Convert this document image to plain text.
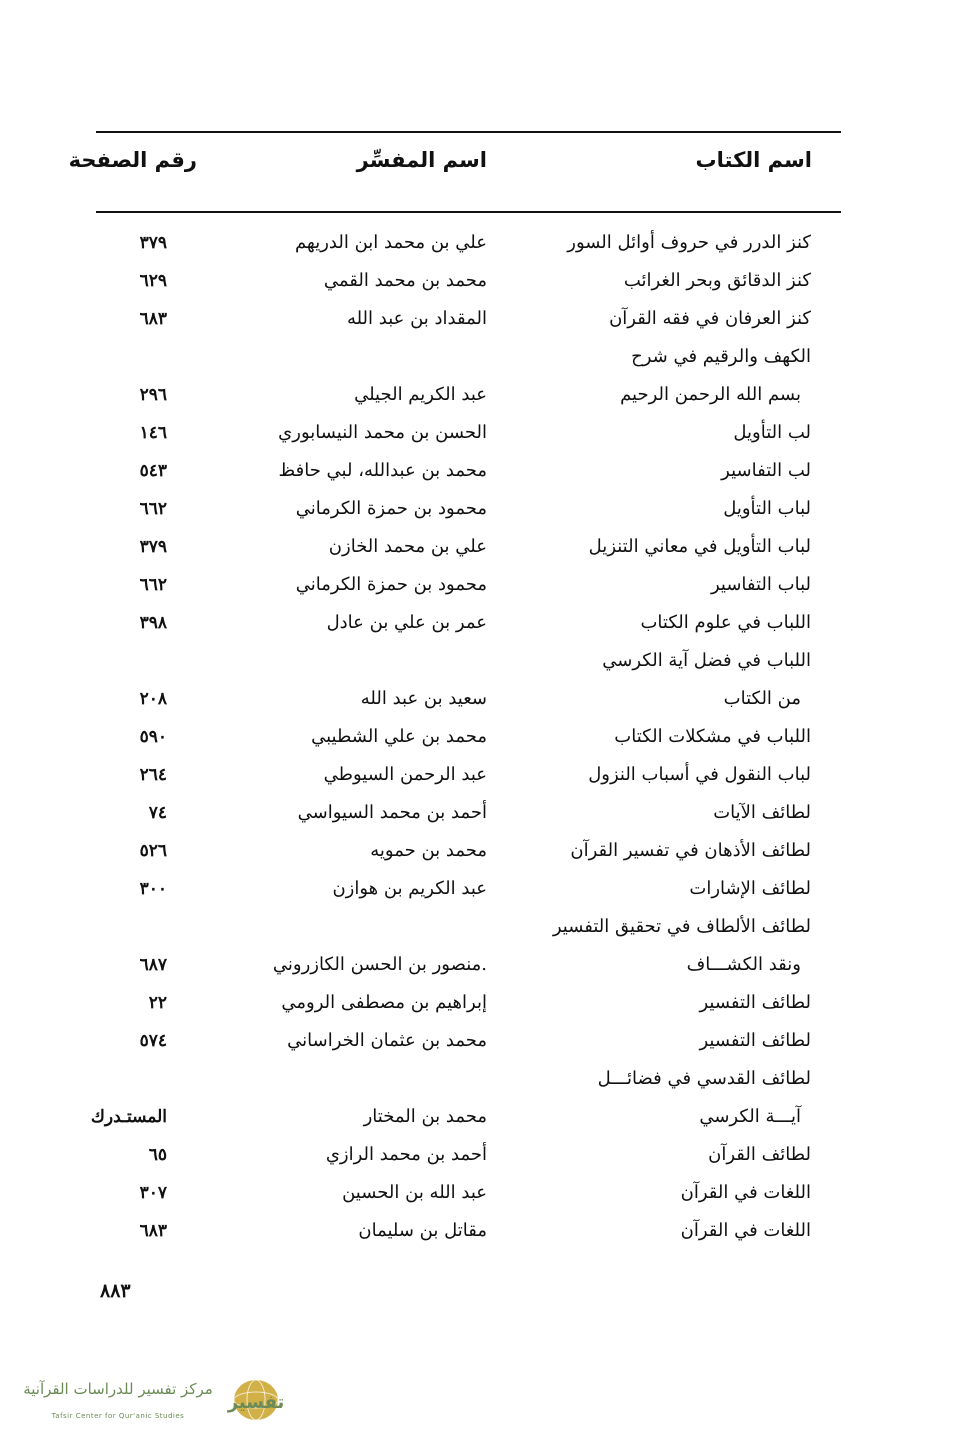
اسم الكتاب
اسم المفسِّر
رقم الصفحة
كنز الدرر في حروف أوائل السور
علي بن محمد ابن الدريهم
٣٧٩
كنز الدقائق وبحر الغرائب
محمد بن محمد القمي
٦٢٩
كنز العرفان في فقه القرآن
المقداد بن عبد الله
٦٨٣
الكهف والرقيم في شرح
بسم الله الرحمن الرحيم
عبد الكريم الجيلي
٢٩٦
لب التأويل
الحسن بن محمد النيسابوري
١٤٦
لب التفاسير
محمد بن عبدالله، لبي حافظ
٥٤٣
لباب التأويل
محمود بن حمزة الكرماني
٦٦٢
لباب التأويل في معاني التنزيل
علي بن محمد الخازن
٣٧٩
لباب التفاسير
محمود بن حمزة الكرماني
٦٦٢
اللباب في علوم الكتاب
عمر بن علي بن عادل
٣٩٨
اللباب في فضل آية الكرسي
من الكتاب
سعيد بن عبد الله
٢٠٨
اللباب في مشكلات الكتاب
محمد بن علي الشطيبي
٥٩٠
لباب النقول في أسباب النزول
عبد الرحمن السيوطي
٢٦٤
لطائف الآيات
أحمد بن محمد السيواسي
٧٤
لطائف الأذهان في تفسير القرآن
محمد بن حمويه
٥٢٦
لطائف الإشارات
عبد الكريم بن هوازن
٣٠٠
لطائف الألطاف في تحقيق التفسير
ونقد الكشـــاف
.منصور بن الحسن الكازروني
٦٨٧
لطائف التفسير
إبراهيم بن مصطفى الرومي
٢٢
لطائف التفسير
محمد بن عثمان الخراساني
٥٧٤
لطائف القدسي في فضائـــل
آيـــة الكرسي
محمد بن المختار
المستـدرك
لطائف القرآن
أحمد بن محمد الرازي
٦٥
اللغات في القرآن
عبد الله بن الحسين
٣٠٧
اللغات في القرآن
مقاتل بن سليمان
٦٨٣
٨٨٣
مركز تفسير للدراسات القرآنية
Tafsir Center for Qur'anic Studies
تفسير
